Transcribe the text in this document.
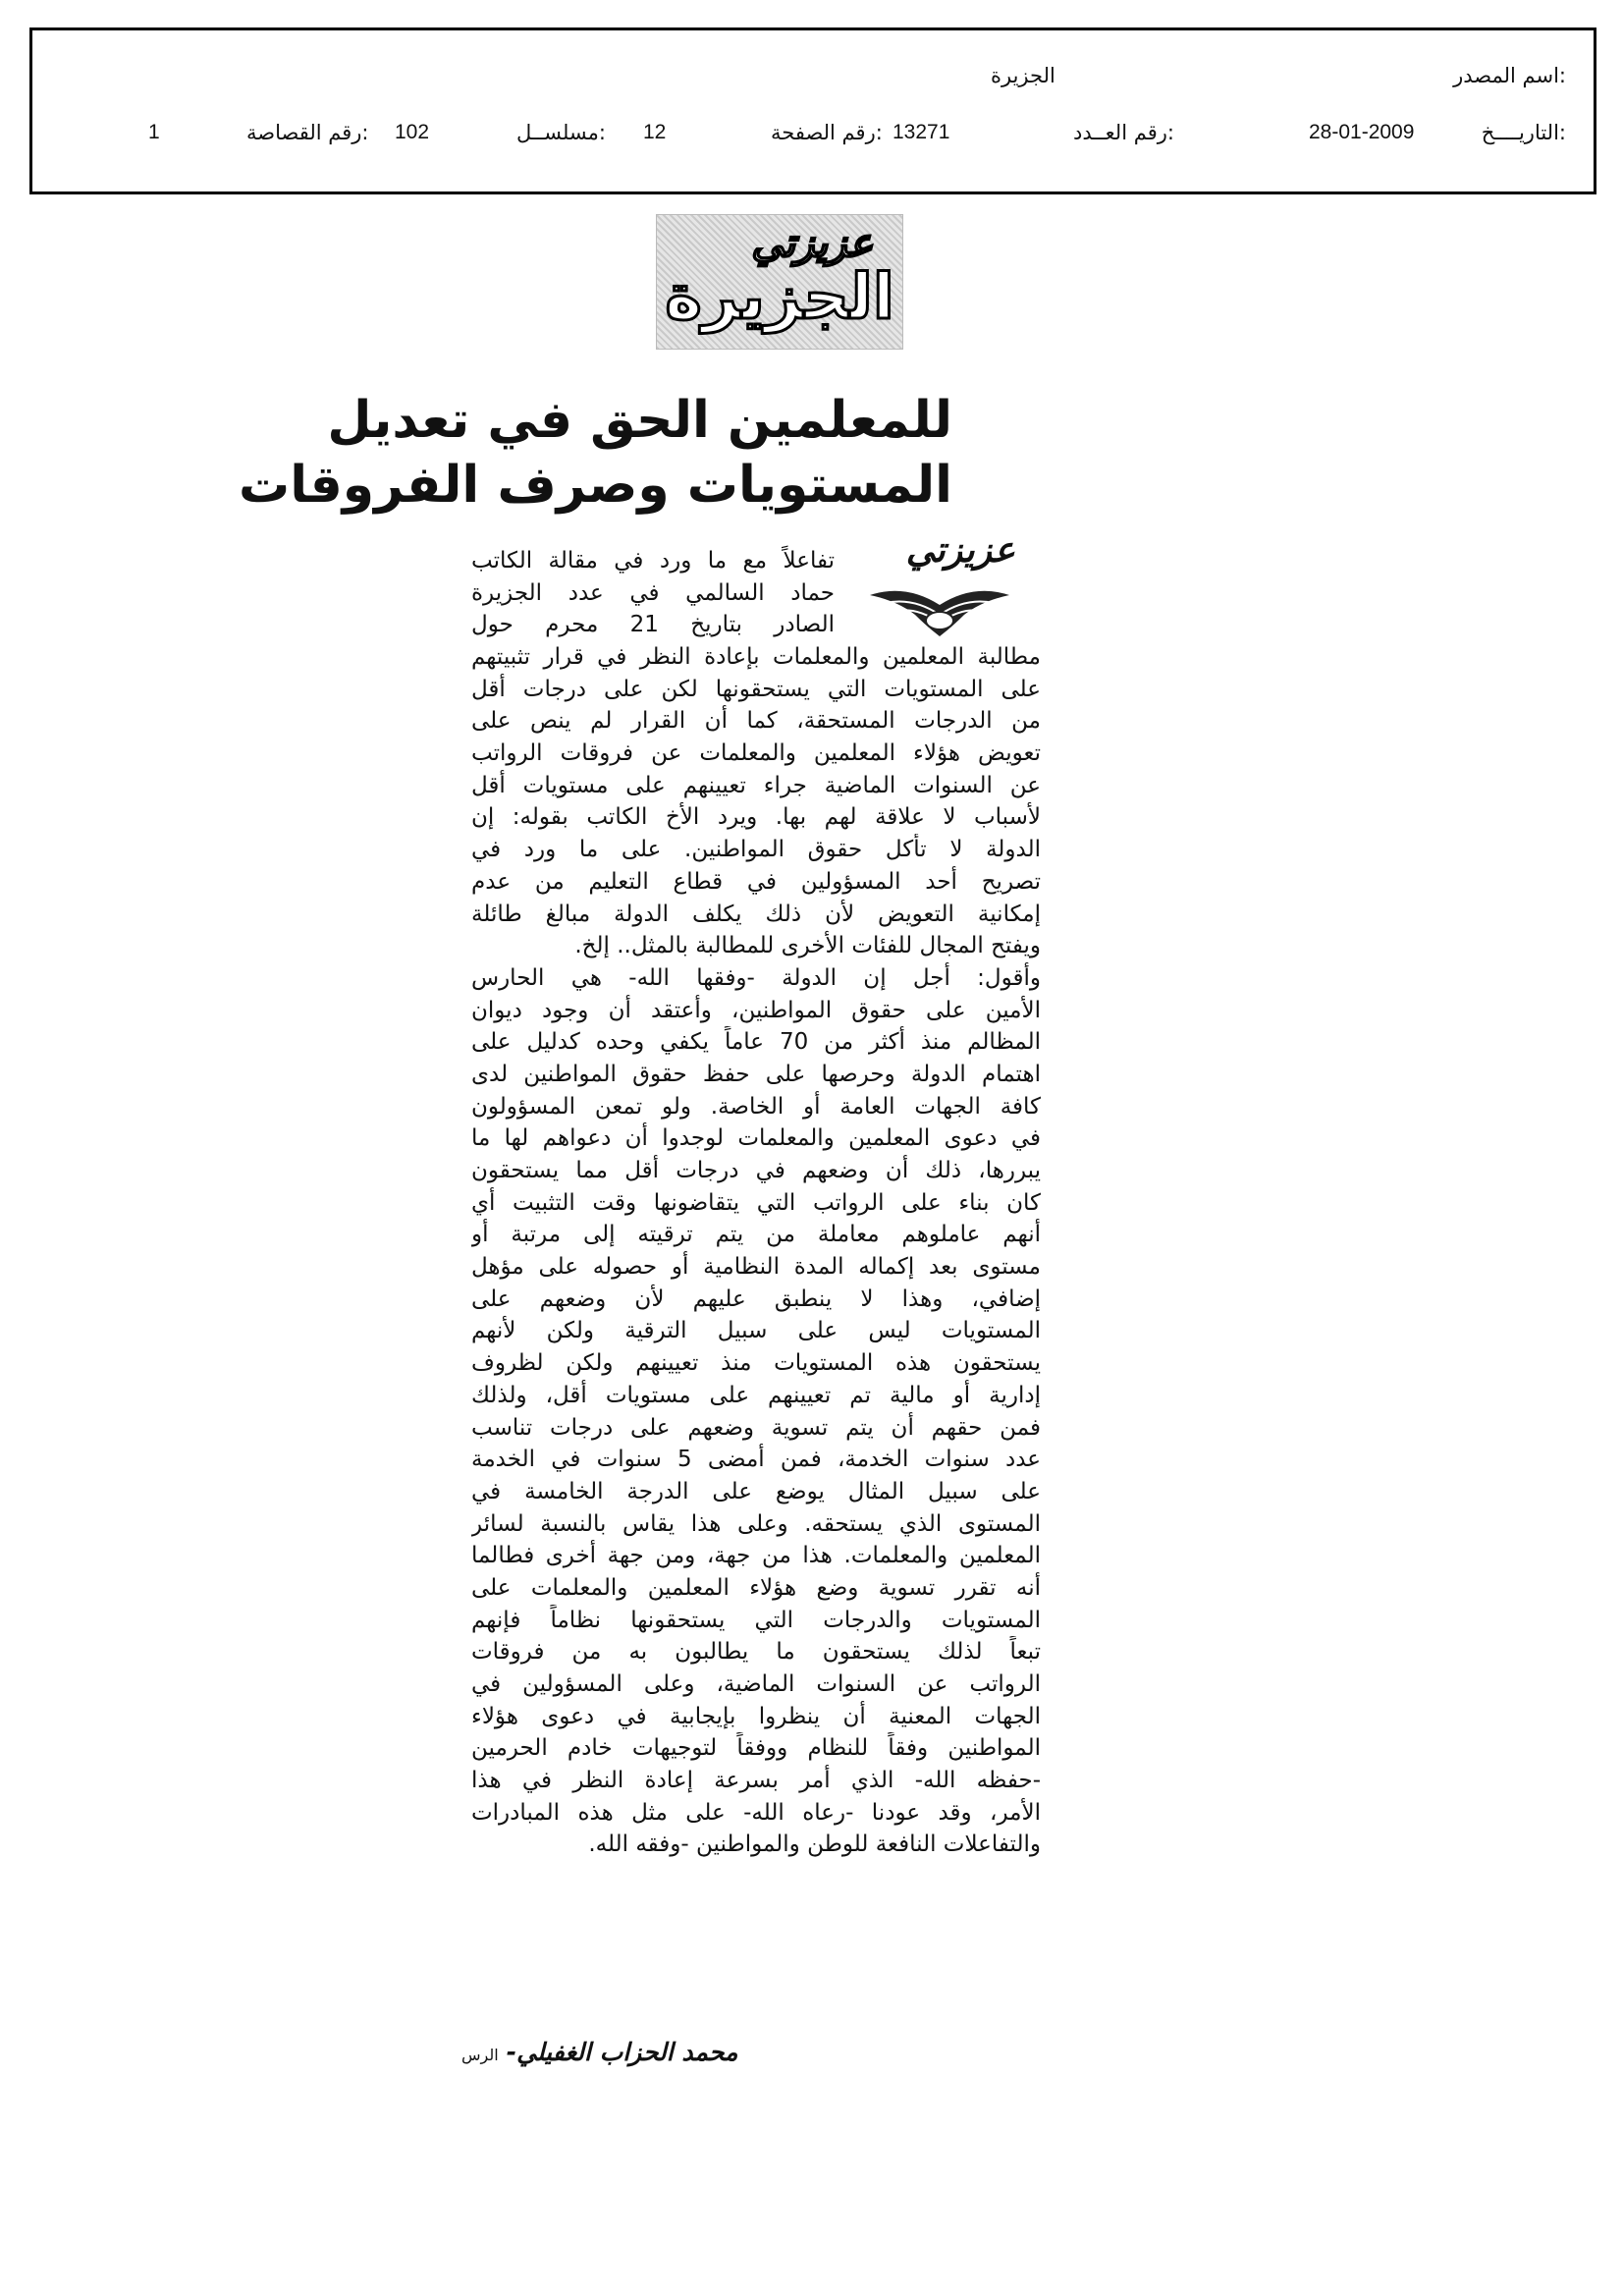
اسم المصدر:
الجزيرة
التاريــــخ:
28-01-2009
رقم العــدد:
13271
رقم الصفحة:
12
مسلســل:
102
رقم القصاصة:
1
عزيزتي
الجزيرة
للمعلمين الحق في تعديل
المستويات وصرف الفروقات
عزيزتي
تفاعلاً مع ما ورد في مقالة الكاتب
حماد السالمي في عدد الجزيرة
الصادر بتاريخ 21 محرم حول
مطالبة المعلمين والمعلمات بإعادة النظر في قرار تثبيتهم
على المستويات التي يستحقونها لكن على درجات أقل
من الدرجات المستحقة، كما أن القرار لم ينص على
تعويض هؤلاء المعلمين والمعلمات عن فروقات الرواتب
عن السنوات الماضية جراء تعيينهم على مستويات أقل
لأسباب لا علاقة لهم بها. ويرد الأخ الكاتب بقوله: إن
الدولة لا تأكل حقوق المواطنين. على ما ورد في
تصريح أحد المسؤولين في قطاع التعليم من عدم
إمكانية التعويض لأن ذلك يكلف الدولة مبالغ طائلة
ويفتح المجال للفئات الأخرى للمطالبة بالمثل.. إلخ.
وأقول: أجل إن الدولة -وفقها الله- هي الحارس
الأمين على حقوق المواطنين، وأعتقد أن وجود ديوان
المظالم منذ أكثر من 70 عاماً يكفي وحده كدليل على
اهتمام الدولة وحرصها على حفظ حقوق المواطنين لدى
كافة الجهات العامة أو الخاصة. ولو تمعن المسؤولون
في دعوى المعلمين والمعلمات لوجدوا أن دعواهم لها ما
يبررها، ذلك أن وضعهم في درجات أقل مما يستحقون
كان بناء على الرواتب التي يتقاضونها وقت التثبيت أي
أنهم عاملوهم معاملة من يتم ترقيته إلى مرتبة أو
مستوى بعد إكماله المدة النظامية أو حصوله على مؤهل
إضافي، وهذا لا ينطبق عليهم لأن وضعهم على
المستويات ليس على سبيل الترقية ولكن لأنهم
يستحقون هذه المستويات منذ تعيينهم ولكن لظروف
إدارية أو مالية تم تعيينهم على مستويات أقل، ولذلك
فمن حقهم أن يتم تسوية وضعهم على درجات تناسب
عدد سنوات الخدمة، فمن أمضى 5 سنوات في الخدمة
على سبيل المثال يوضع على الدرجة الخامسة في
المستوى الذي يستحقه. وعلى هذا يقاس بالنسبة لسائر
المعلمين والمعلمات. هذا من جهة، ومن جهة أخرى فطالما
أنه تقرر تسوية وضع هؤلاء المعلمين والمعلمات على
المستويات والدرجات التي يستحقونها نظاماً فإنهم
تبعاً لذلك يستحقون ما يطالبون به من فروقات
الرواتب عن السنوات الماضية، وعلى المسؤولين في
الجهات المعنية أن ينظروا بإيجابية في دعوى هؤلاء
المواطنين وفقاً للنظام ووفقاً لتوجيهات خادم الحرمين
-حفظه الله- الذي أمر بسرعة إعادة النظر في هذا
الأمر، وقد عودنا -رعاه الله- على مثل هذه المبادرات
والتفاعلات النافعة للوطن والمواطنين -وفقه الله.
محمد الحزاب الغفيلي-الرس
